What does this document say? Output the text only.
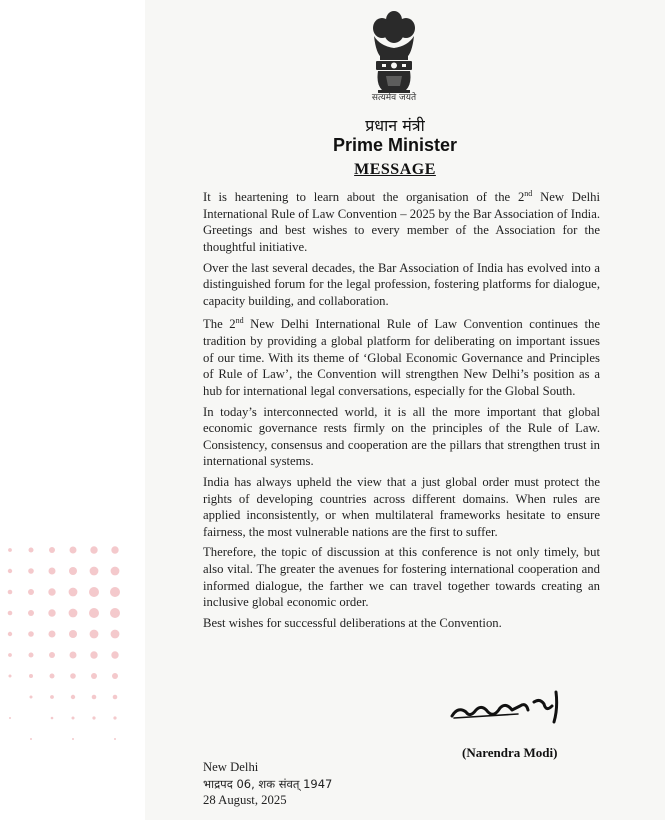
सत्यमेव जयते
प्रधान मंत्री
Prime Minister
MESSAGE

It is heartening to learn about the organisation of the 2nd New Delhi International Rule of Law Convention – 2025 by the Bar Association of India. Greetings and best wishes to every member of the Association for the thoughtful initiative.

Over the last several decades, the Bar Association of India has evolved into a distinguished forum for the legal profession, fostering platforms for dialogue, capacity building, and collaboration.

The 2nd New Delhi International Rule of Law Convention continues the tradition by providing a global platform for deliberating on important issues of our time. With its theme of ‘Global Economic Governance and Principles of Rule of Law’, the Convention will strengthen New Delhi’s position as a hub for international legal conversations, especially for the Global South.

In today’s interconnected world, it is all the more important that global economic governance rests firmly on the principles of the Rule of Law. Consistency, consensus and cooperation are the pillars that strengthen trust in international systems.

India has always upheld the view that a just global order must protect the rights of developing countries across different domains. When rules are applied inconsistently, or when multilateral frameworks hesitate to ensure fairness, the most vulnerable nations are the first to suffer.

Therefore, the topic of discussion at this conference is not only timely, but also vital. The greater the avenues for fostering international cooperation and informed dialogue, the farther we can travel together towards creating an inclusive global economic order.

Best wishes for successful deliberations at the Convention.

(Narendra Modi)
New Delhi
भाद्रपद 06, शक संवत् 1947
28 August, 2025
